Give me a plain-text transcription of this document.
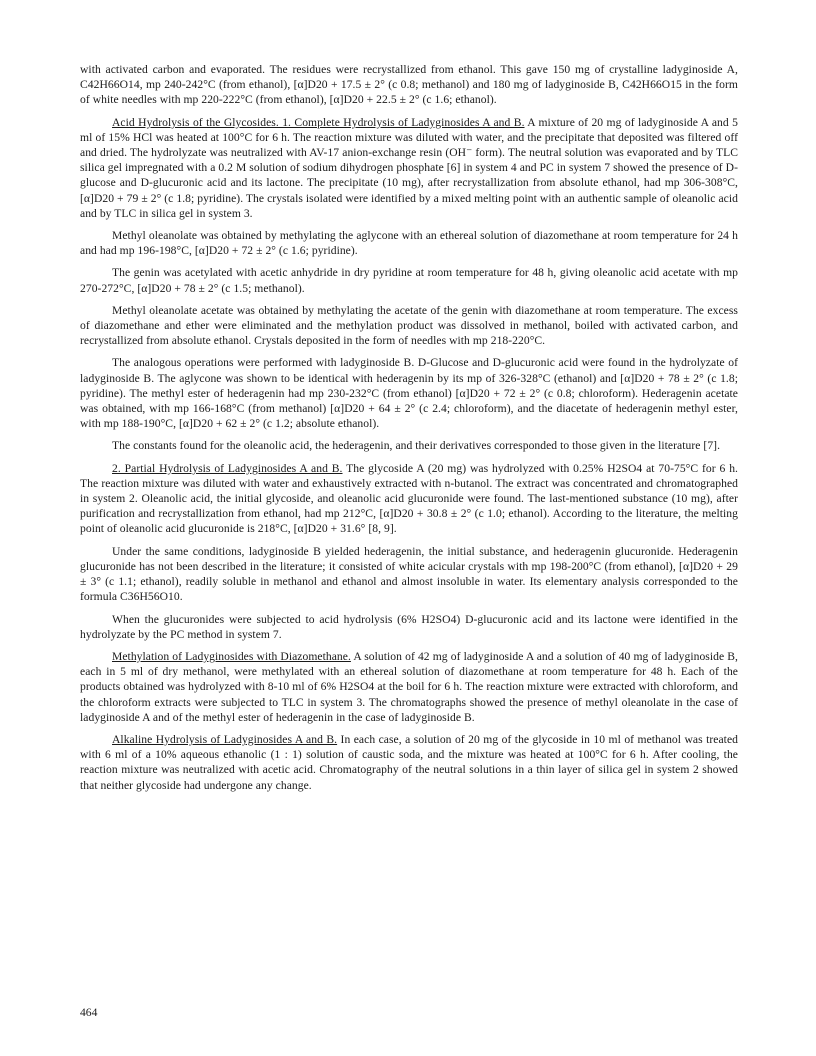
with activated carbon and evaporated. The residues were recrystallized from ethanol. This gave 150 mg of crystalline ladyginoside A, C42H66O14, mp 240-242°C (from ethanol), [α]D20 + 17.5 ± 2° (c 0.8; methanol) and 180 mg of ladyginoside B, C42H66O15 in the form of white needles with mp 220-222°C (from ethanol), [α]D20 + 22.5 ± 2° (c 1.6; ethanol).

Acid Hydrolysis of the Glycosides. 1. Complete Hydrolysis of Ladyginosides A and B. A mixture of 20 mg of ladyginoside A and 5 ml of 15% HCl was heated at 100°C for 6 h. The reaction mixture was diluted with water, and the precipitate that deposited was filtered off and dried. The hydrolyzate was neutralized with AV-17 anion-exchange resin (OH⁻ form). The neutral solution was evaporated and by TLC silica gel impregnated with a 0.2 M solution of sodium dihydrogen phosphate [6] in system 4 and PC in system 7 showed the presence of D-glucose and D-glucuronic acid and its lactone. The precipitate (10 mg), after recrystallization from absolute ethanol, had mp 306-308°C, [α]D20 + 79 ± 2° (c 1.8; pyridine). The crystals isolated were identified by a mixed melting point with an authentic sample of oleanolic acid and by TLC in silica gel in system 3.

Methyl oleanolate was obtained by methylating the aglycone with an ethereal solution of diazomethane at room temperature for 24 h and had mp 196-198°C, [α]D20 + 72 ± 2° (c 1.6; pyridine).

The genin was acetylated with acetic anhydride in dry pyridine at room temperature for 48 h, giving oleanolic acid acetate with mp 270-272°C, [α]D20 + 78 ± 2° (c 1.5; methanol).

Methyl oleanolate acetate was obtained by methylating the acetate of the genin with diazomethane at room temperature. The excess of diazomethane and ether were eliminated and the methylation product was dissolved in methanol, boiled with activated carbon, and recrystallized from absolute ethanol. Crystals deposited in the form of needles with mp 218-220°C.

The analogous operations were performed with ladyginoside B. D-Glucose and D-glucuronic acid were found in the hydrolyzate of ladyginoside B. The aglycone was shown to be identical with hederagenin by its mp of 326-328°C (ethanol) and [α]D20 + 78 ± 2° (c 1.8; pyridine). The methyl ester of hederagenin had mp 230-232°C (from ethanol) [α]D20 + 72 ± 2° (c 0.8; chloroform). Hederagenin acetate was obtained, with mp 166-168°C (from methanol) [α]D20 + 64 ± 2° (c 2.4; chloroform), and the diacetate of hederagenin methyl ester, with mp 188-190°C, [α]D20 + 62 ± 2° (c 1.2; absolute ethanol).

The constants found for the oleanolic acid, the hederagenin, and their derivatives corresponded to those given in the literature [7].

2. Partial Hydrolysis of Ladyginosides A and B. The glycoside A (20 mg) was hydrolyzed with 0.25% H2SO4 at 70-75°C for 6 h. The reaction mixture was diluted with water and exhaustively extracted with n-butanol. The extract was concentrated and chromatographed in system 2. Oleanolic acid, the initial glycoside, and oleanolic acid glucuronide were found. The last-mentioned substance (10 mg), after purification and recrystallization from ethanol, had mp 212°C, [α]D20 + 30.8 ± 2° (c 1.0; ethanol). According to the literature, the melting point of oleanolic acid glucuronide is 218°C, [α]D20 + 31.6° [8, 9].

Under the same conditions, ladyginoside B yielded hederagenin, the initial substance, and hederagenin glucuronide. Hederagenin glucuronide has not been described in the literature; it consisted of white acicular crystals with mp 198-200°C (from ethanol), [α]D20 + 29 ± 3° (c 1.1; ethanol), readily soluble in methanol and ethanol and almost insoluble in water. Its elementary analysis corresponded to the formula C36H56O10.

When the glucuronides were subjected to acid hydrolysis (6% H2SO4) D-glucuronic acid and its lactone were identified in the hydrolyzate by the PC method in system 7.

Methylation of Ladyginosides with Diazomethane. A solution of 42 mg of ladyginoside A and a solution of 40 mg of ladyginoside B, each in 5 ml of dry methanol, were methylated with an ethereal solution of diazomethane at room temperature for 48 h. Each of the products obtained was hydrolyzed with 8-10 ml of 6% H2SO4 at the boil for 6 h. The reaction mixture were extracted with chloroform, and the chloroform extracts were subjected to TLC in system 3. The chromatographs showed the presence of methyl oleanolate in the case of ladyginoside A and of the methyl ester of hederagenin in the case of ladyginoside B.

Alkaline Hydrolysis of Ladyginosides A and B. In each case, a solution of 20 mg of the glycoside in 10 ml of methanol was treated with 6 ml of a 10% aqueous ethanolic (1 : 1) solution of caustic soda, and the mixture was heated at 100°C for 6 h. After cooling, the reaction mixture was neutralized with acetic acid. Chromatography of the neutral solutions in a thin layer of silica gel in system 2 showed that neither glycoside had undergone any change.

464
